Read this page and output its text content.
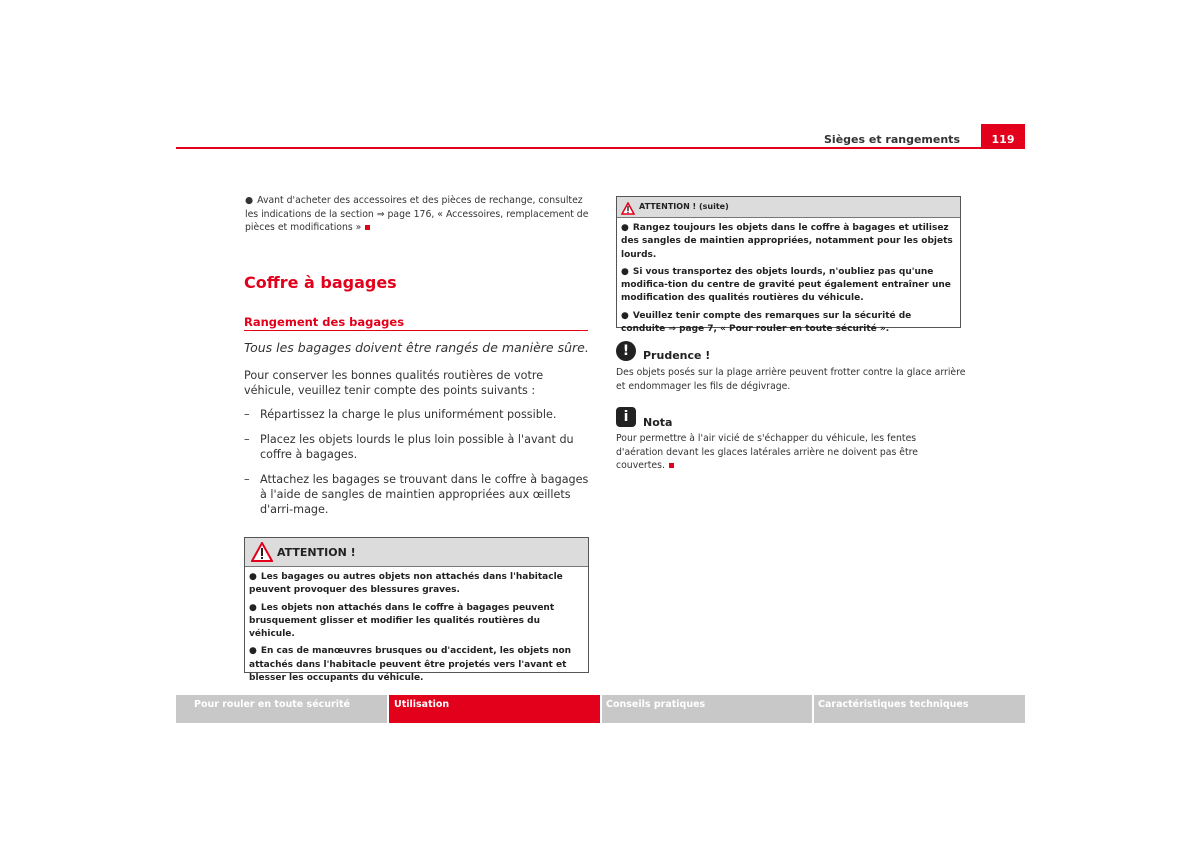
Sièges et rangements	119
● Avant d'acheter des accessoires et des pièces de rechange, consultez les indications de la section ⇒ page 176, « Accessoires, remplacement de pièces et modifications »
Coffre à bagages
Rangement des bagages
Tous les bagages doivent être rangés de manière sûre.
Pour conserver les bonnes qualités routières de votre véhicule, veuillez tenir compte des points suivants :
– Répartissez la charge le plus uniformément possible.
– Placez les objets lourds le plus loin possible à l'avant du coffre à bagages.
– Attachez les bagages se trouvant dans le coffre à bagages à l'aide de sangles de maintien appropriées aux œillets d'arri-mage.
ATTENTION !

● Les bagages ou autres objets non attachés dans l'habitacle peuvent provoquer des blessures graves.

● Les objets non attachés dans le coffre à bagages peuvent brusquement glisser et modifier les qualités routières du véhicule.

● En cas de manœuvres brusques ou d'accident, les objets non attachés dans l'habitacle peuvent être projetés vers l'avant et blesser les occupants du véhicule.

ATTENTION ! (suite)

● Rangez toujours les objets dans le coffre à bagages et utilisez des sangles de maintien appropriées, notamment pour les objets lourds.

● Si vous transportez des objets lourds, n'oubliez pas qu'une modifica-tion du centre de gravité peut également entraîner une modification des qualités routières du véhicule.

● Veuillez tenir compte des remarques sur la sécurité de conduite ⇒ page 7, « Pour rouler en toute sécurité ».

!	Prudence !
Des objets posés sur la plage arrière peuvent frotter contre la glace arrière et endommager les fils de dégivrage.
i	Nota
Pour permettre à l'air vicié de s'échapper du véhicule, les fentes d'aération devant les glaces latérales arrière ne doivent pas être couvertes.
Pour rouler en toute sécurité	Utilisation	Conseils pratiques	Caractéristiques techniques
